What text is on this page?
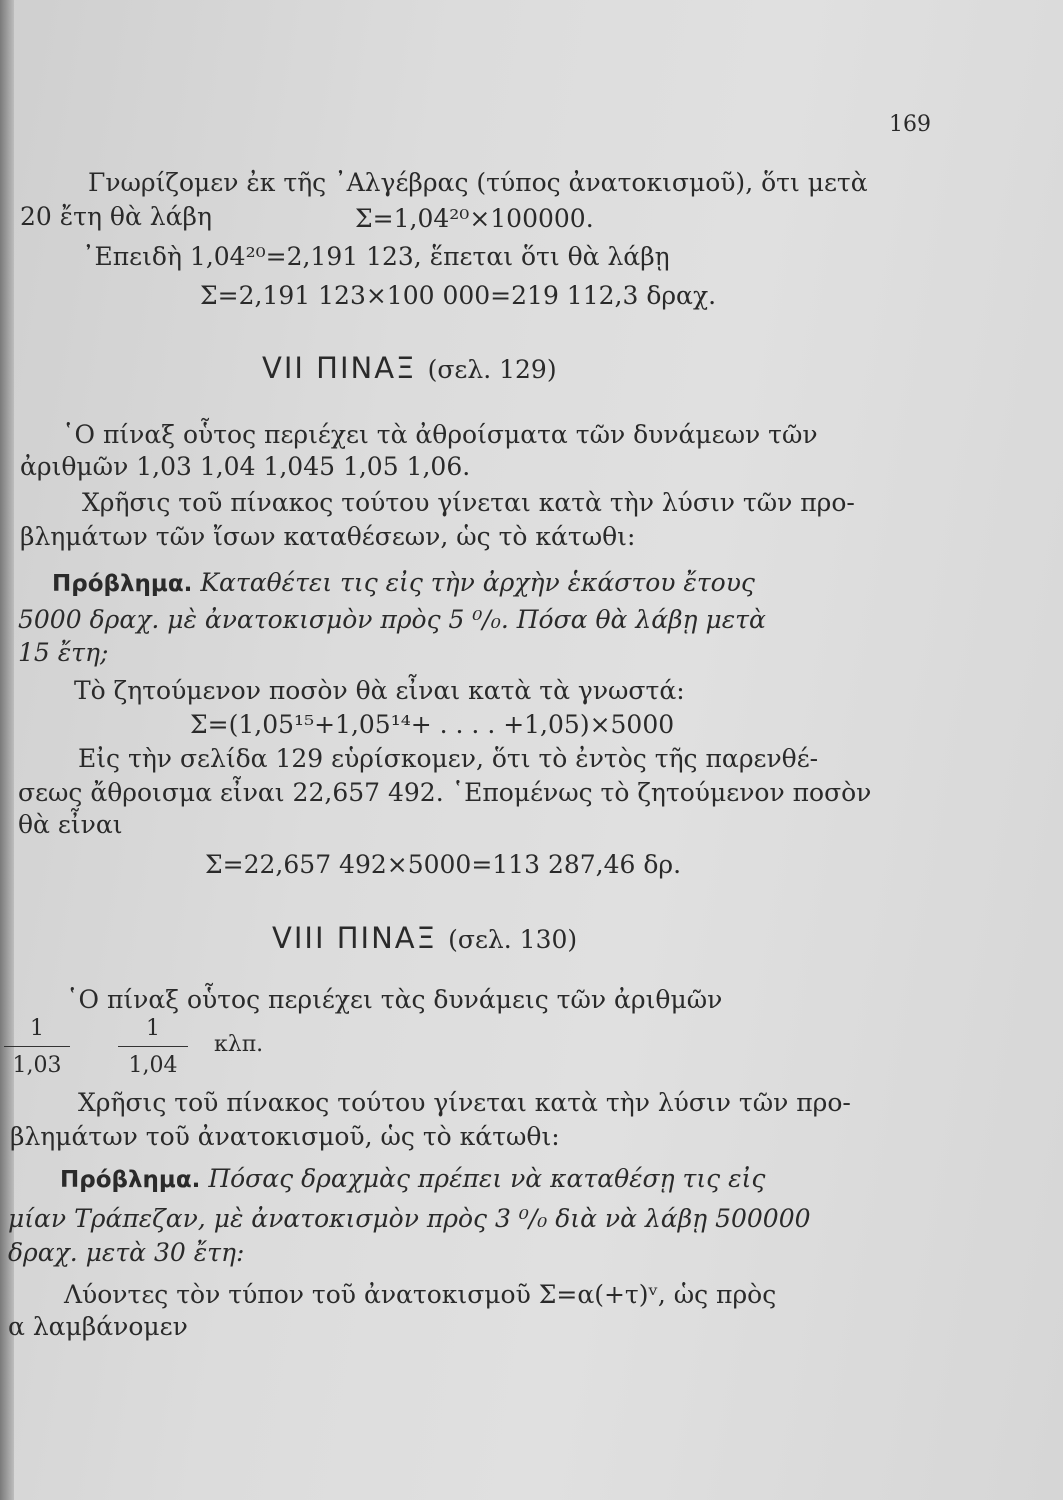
169
Γνωρίζομεν ἐκ τῆς ᾿Αλγέβρας (τύπος ἀνατοκισμοῦ), ὅτι μετὰ
20 ἔτη θὰ λάβη	Σ=1,04²⁰×100000.
᾿Επειδὴ 1,04²⁰=2,191 123, ἕπεται ὅτι θὰ λάβῃ
Σ=2,191 123×100 000=219 112,3 δραχ.
VII ΠΙΝΑΞ (σελ. 129)
῾Ο πίναξ οὗτος περιέχει τὰ ἀθροίσματα τῶν δυνάμεων τῶν
ἀριθμῶν 1,03 1,04 1,045 1,05 1,06.
Χρῆσις τοῦ πίνακος τούτου γίνεται κατὰ τὴν λύσιν τῶν προ-
βλημάτων τῶν ἴσων καταθέσεων, ὡς τὸ κάτωθι:
Πρόβλημα. Καταθέτει τις εἰς τὴν ἀρχὴν ἑκάστου ἔτους
5000 δραχ. μὲ ἀνατοκισμὸν πρὸς 5 ⁰/₀. Πόσα θὰ λάβῃ μετὰ
15 ἔτη;
Τὸ ζητούμενον ποσὸν θὰ εἶναι κατὰ τὰ γνωστά:
Σ=(1,05¹⁵+1,05¹⁴+ . . . . +1,05)×5000
Εἰς τὴν σελίδα 129 εὑρίσκομεν, ὅτι τὸ ἐντὸς τῆς παρενθέ-
σεως ἄθροισμα εἶναι 22,657 492. ῾Επομένως τὸ ζητούμενον ποσὸν
θὰ εἶναι
Σ=22,657 492×5000=113 287,46 δρ.
VIII ΠΙΝΑΞ (σελ. 130)
῾Ο πίναξ οὗτος περιέχει τὰς δυνάμεις τῶν ἀριθμῶν
$\frac{1}{1,03} \frac{1}{1,04} \kappa\lambda\pi$.
Χρῆσις τοῦ πίνακος τούτου γίνεται κατὰ τὴν λύσιν τῶν προ-
βλημάτων τοῦ ἀνατοκισμοῦ, ὡς τὸ κάτωθι:
Πρόβλημα. Πόσας δραχμὰς πρέπει νὰ καταθέσῃ τις εἰς
μίαν Τράπεζαν, μὲ ἀνατοκισμὸν πρὸς 3 ⁰/₀ διὰ νὰ λάβῃ 500000
δραχ. μετὰ 30 ἔτη:
Λύοντες τὸν τύπον τοῦ ἀνατοκισμοῦ Σ=α(+τ)ᵛ, ὡς πρὸς
α λαμβάνομεν
